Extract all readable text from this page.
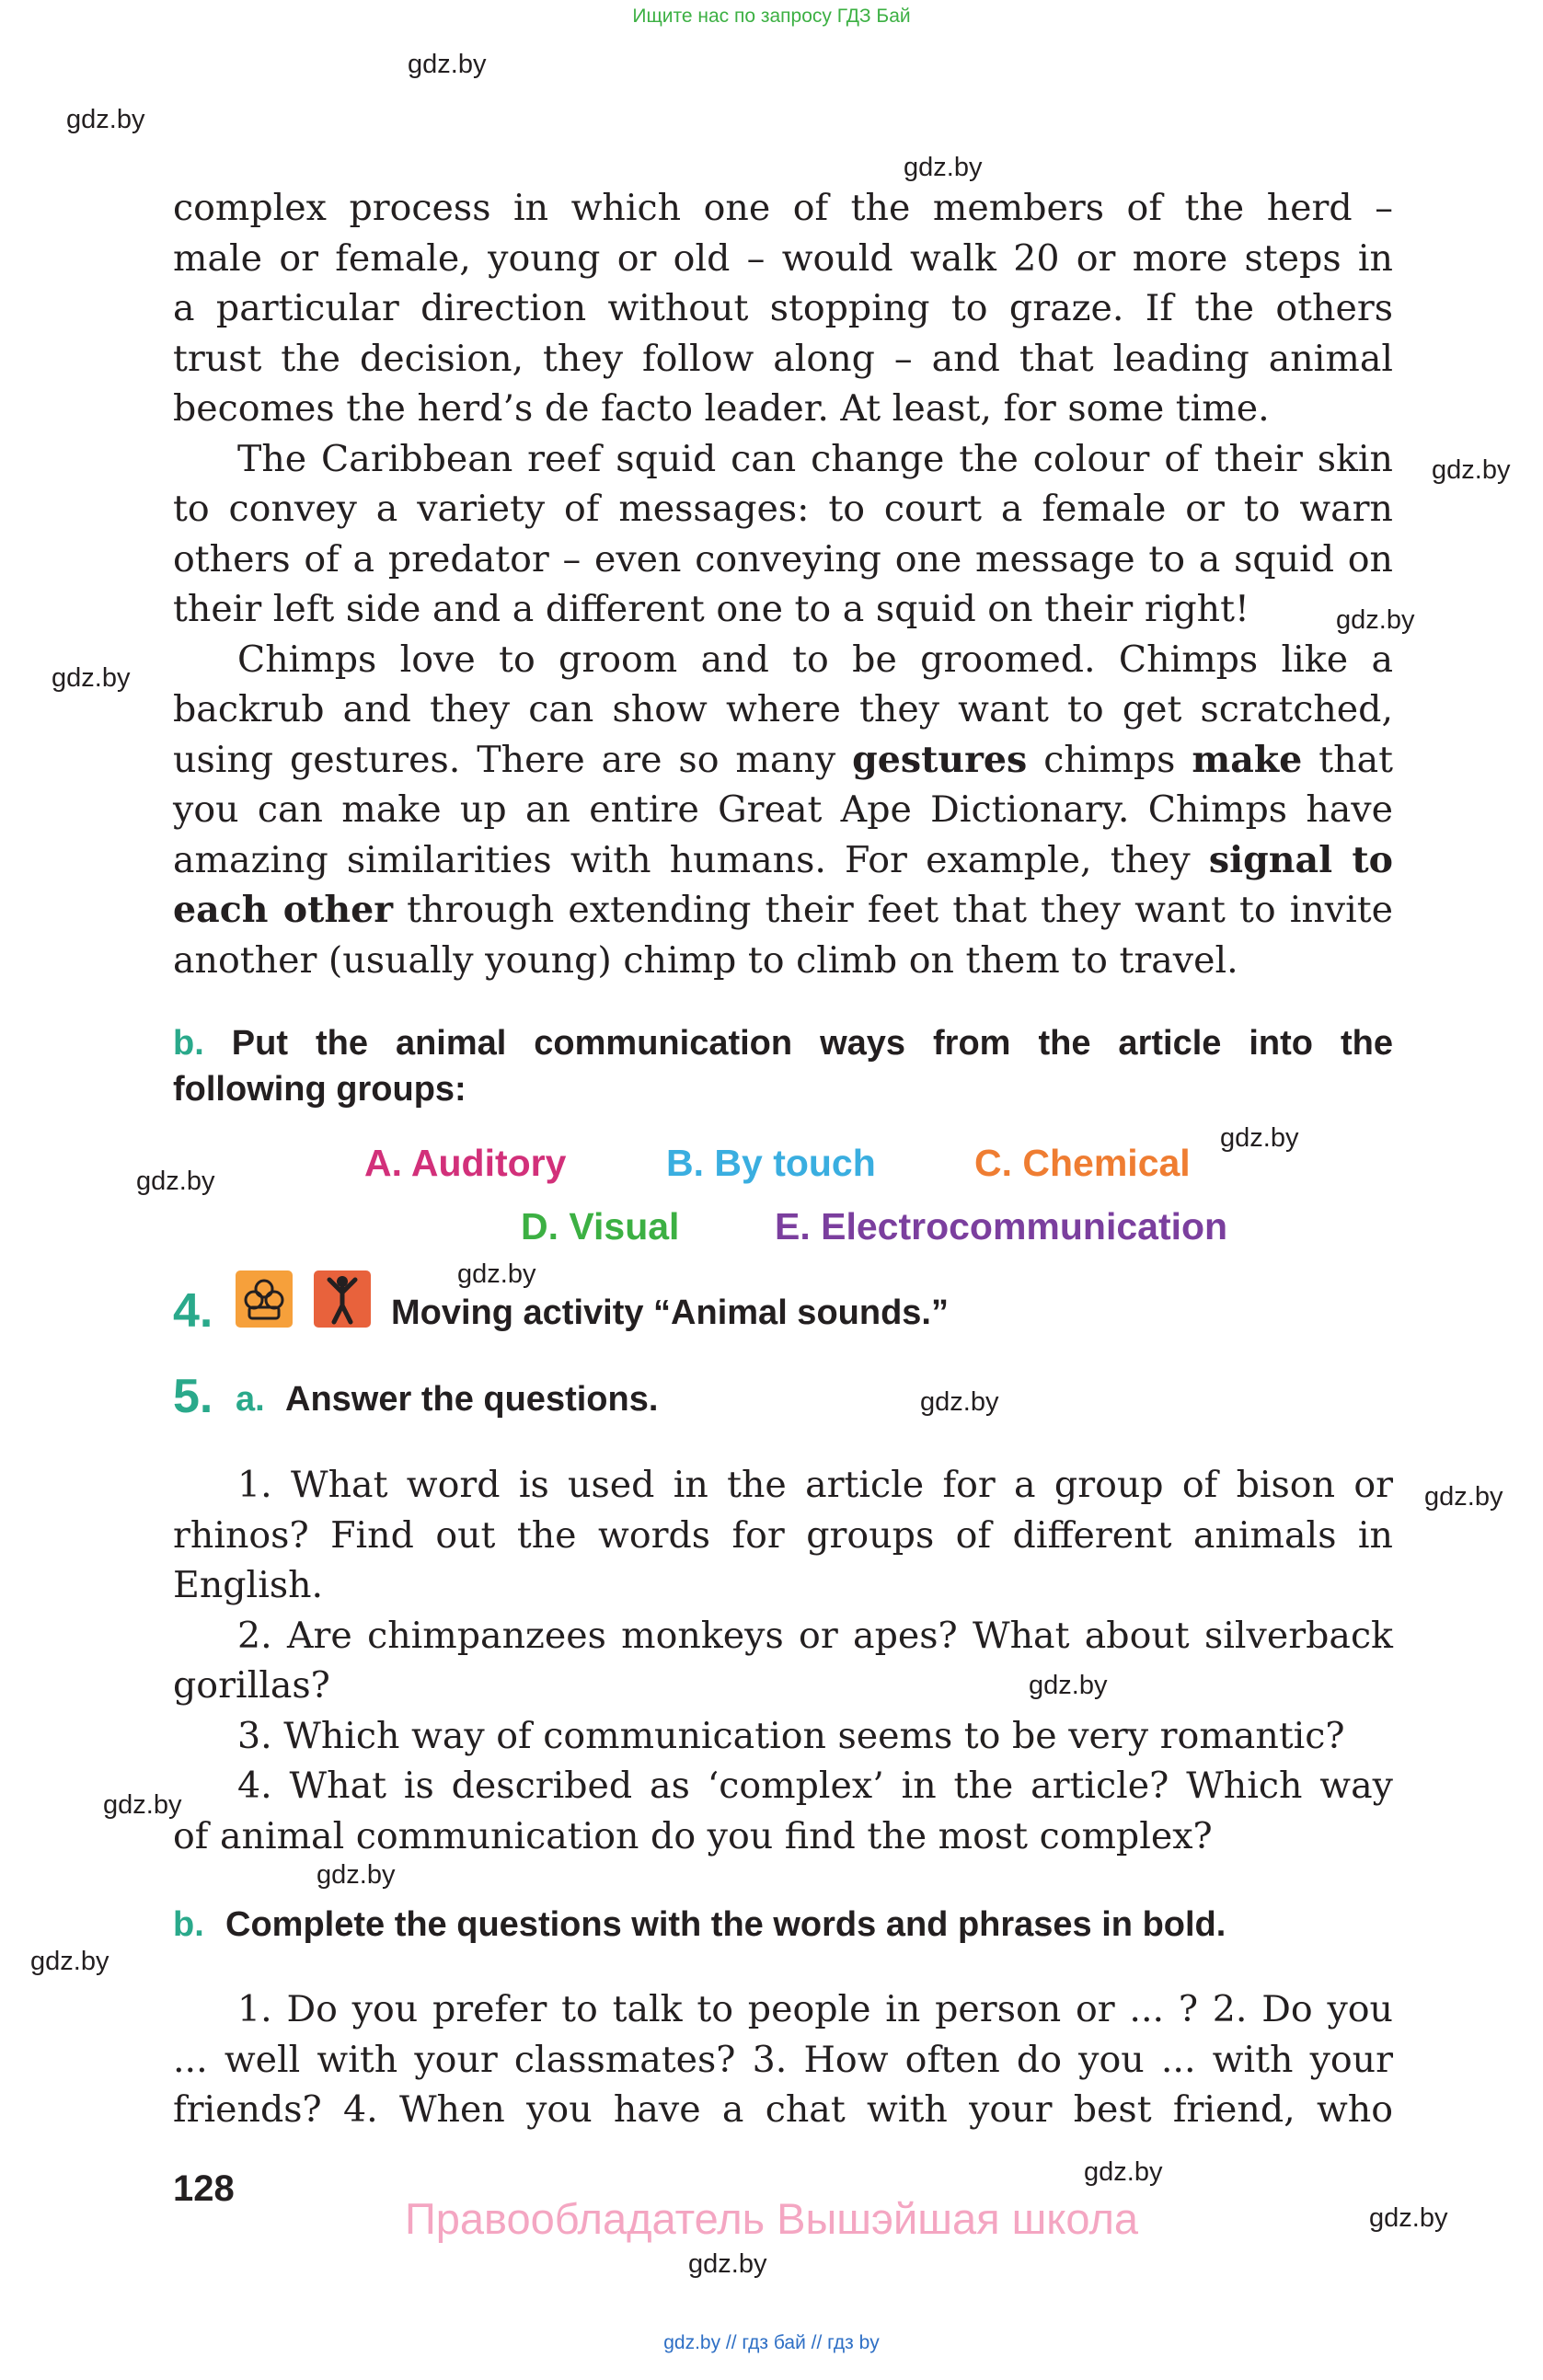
Ищите нас по запросу ГДЗ Бай
gdz.by
gdz.by
gdz.by
gdz.by
gdz.by
gdz.by
gdz.by
gdz.by
gdz.by
gdz.by
gdz.by
gdz.by
gdz.by
gdz.by
gdz.by
gdz.by
gdz.by
gdz.by

complex process in which one of the members of the herd –

male or female, young or old – would walk 20 or more steps in

a particular direction without stopping to graze. If the others

trust the decision, they follow along – and that leading animal

becomes the herd’s de facto leader. At least, for some time.

The Caribbean reef squid can change the colour of their skin

to convey a variety of messages: to court a female or to warn

others of a predator – even conveying one message to a squid on

their left side and a different one to a squid on their right!

Chimps love to groom and to be groomed. Chimps like a

backrub and they can show where they want to get scratched,

using gestures. There are so many gestures chimps make that

you can make up an entire Great Ape Dictionary. Chimps have

amazing similarities with humans. For example, they signal to

each other through extending their feet that they want to invite

another (usually young) chimp to climb on them to travel.

b. Put the animal communication ways from the article into the
following groups:
A. Auditory	B. By touch	C. Chemical
D. Visual	E. Electrocommunication
4.	Moving activity “Animal sounds.”
5. a. Answer the questions.

1. What word is used in the article for a group of bison or

rhinos? Find out the words for groups of different animals in

English.

2. Are chimpanzees monkeys or apes? What about silverback

gorillas?

3. Which way of communication seems to be very romantic?

4. What is described as ‘complex’ in the article? Which way

of animal communication do you find the most complex?

b. Complete the questions with the words and phrases in bold.

1. Do you prefer to talk to people in person or ... ? 2. Do you

... well with your classmates? 3. How often do you ... with your

friends? 4. When you have a chat with your best friend, who

128
Правообладатель Вышэйшая школа
gdz.by // гдз бай // гдз by
